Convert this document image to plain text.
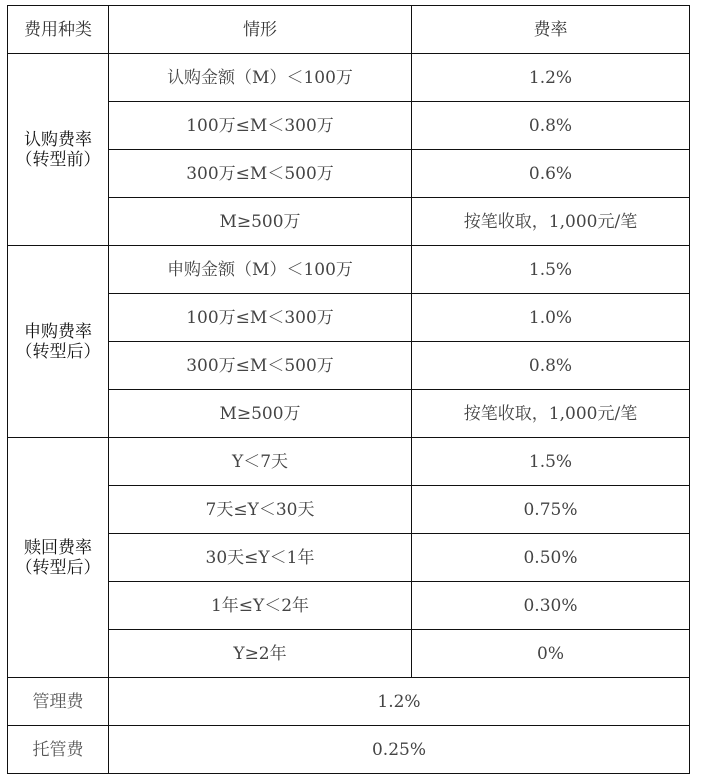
费用种类	情形	费率

认购费率
（转型前）	认购金额（M）＜100万	1.2%
	100万≤M＜300万	0.8%
	300万≤M＜500万	0.6%
	M≥500万	按笔收取，1,000元/笔

申购费率
（转型后）	申购金额（M）＜100万	1.5%
	100万≤M＜300万	1.0%
	300万≤M＜500万	0.8%
	M≥500万	按笔收取，1,000元/笔

赎回费率
（转型后）	Y＜7天	1.5%
	7天≤Y＜30天	0.75%
	30天≤Y＜1年	0.50%
	1年≤Y＜2年	0.30%
	Y≥2年	0%
管理费	1.2%	
托管费	0.25%	
